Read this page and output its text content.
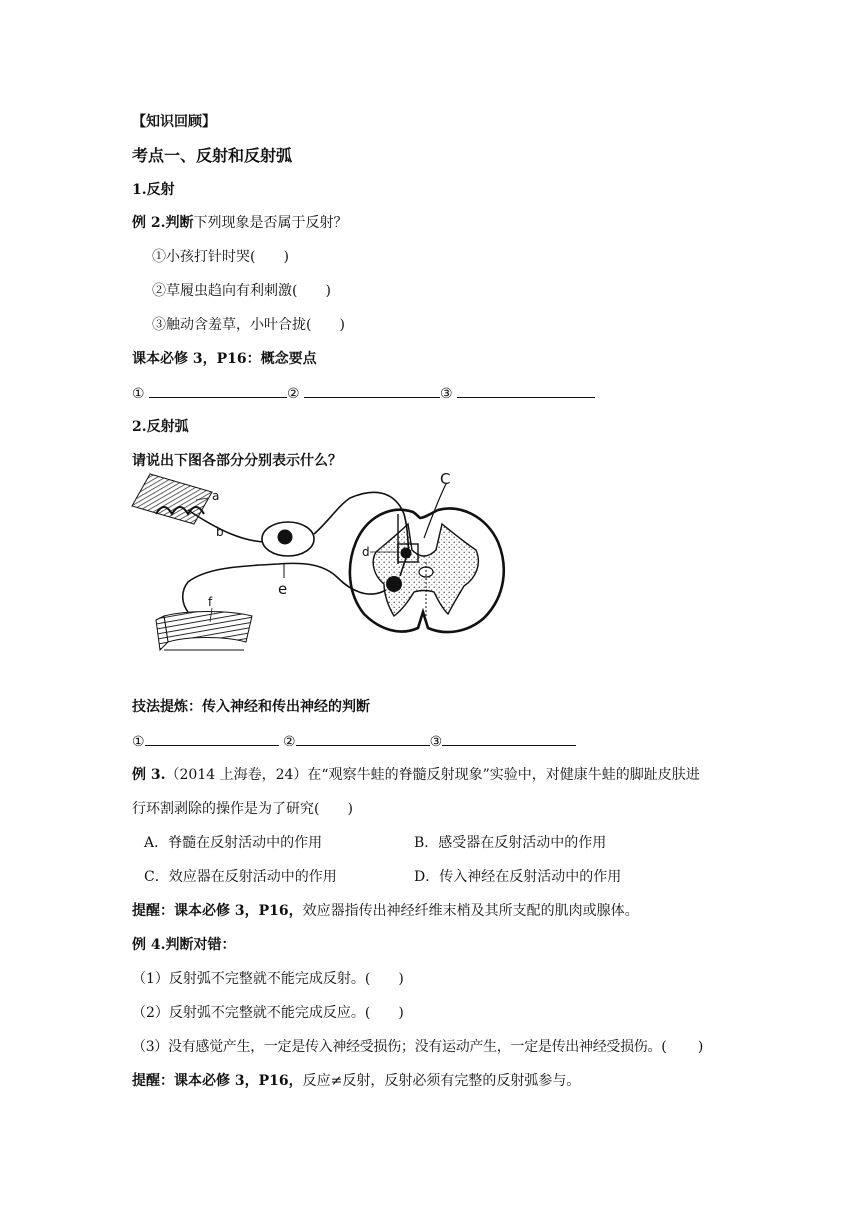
【知识回顾】
考点一、反射和反射弧
1.反射
例 2.判断下列现象是否属于反射？
①小孩打针时哭(　　)
②草履虫趋向有利刺激(　　)
③触动含羞草，小叶合拢(　　)
课本必修 3，P16：概念要点
①	②	③
2.反射弧
请说出下图各部分分别表示什么？
a
b
C
d
e
f
技法提炼：传入神经和传出神经的判断
①	②	③
例 3.（2014 上海卷，24）在“观察牛蛙的脊髓反射现象”实验中，对健康牛蛙的脚趾皮肤进
行环割剥除的操作是为了研究(　　)
A．脊髓在反射活动中的作用	B．感受器在反射活动中的作用
C．效应器在反射活动中的作用	D．传入神经在反射活动中的作用
提醒：课本必修 3，P16，效应器指传出神经纤维末梢及其所支配的肌肉或腺体。
例 4.判断对错：
（1）反射弧不完整就不能完成反射。(　　)
（2）反射弧不完整就不能完成反应。(　　)
（3）没有感觉产生，一定是传入神经受损伤；没有运动产生，一定是传出神经受损伤。(　　 )
提醒：课本必修 3，P16，反应≠反射，反射必须有完整的反射弧参与。
